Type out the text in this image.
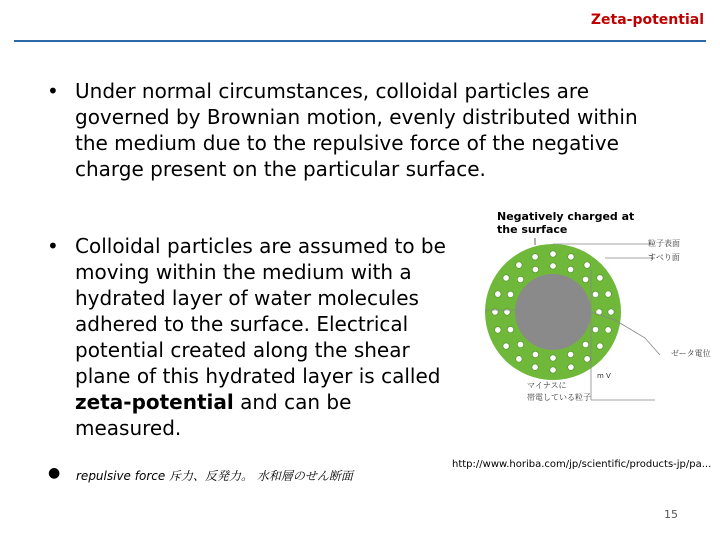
Zeta-potential
• Under normal circumstances, colloidal particles are governed by Brownian motion, evenly distributed within the medium due to the repulsive force of the negative charge present on the particular surface.
• Colloidal particles are assumed to be moving within the medium with a hydrated layer of water molecules adhered to the surface. Electrical potential created along the shear plane of this hydrated layer is called zeta-potential and can be measured.
● repulsive force 斥力、反発力。 水和層のせん断面
Negatively charged at the surface
粒子表面
すべり面
ゼータ電位
m V
マイナスに
帯電している粒子
http://www.horiba.com/jp/scientific/products-jp/pa...
15
